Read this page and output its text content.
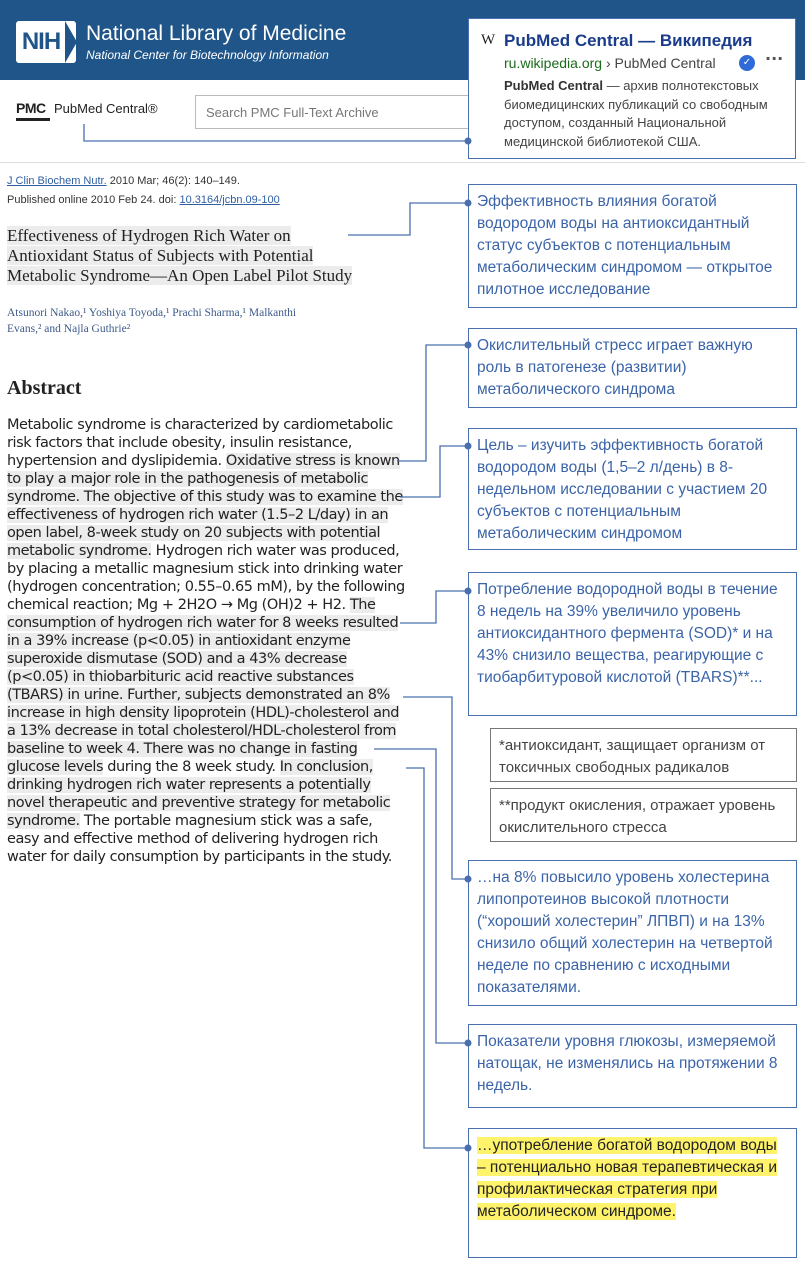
NIH National Library of Medicine
National Center for Biotechnology Information
PMC PubMed Central®
Search PMC Full-Text Archive
J Clin Biochem Nutr. 2010 Mar; 46(2): 140–149.
Published online 2010 Feb 24. doi: 10.3164/jcbn.09-100
Effectiveness of Hydrogen Rich Water on
Antioxidant Status of Subjects with Potential
Metabolic Syndrome—An Open Label Pilot Study
Atsunori Nakao,¹ Yoshiya Toyoda,¹ Prachi Sharma,¹ Malkanthi
Evans,² and Najla Guthrie²
Abstract
Metabolic syndrome is characterized by cardiometabolic risk factors that include obesity, insulin resistance, hypertension and dyslipidemia. Oxidative stress is known to play a major role in the pathogenesis of metabolic syndrome. The objective of this study was to examine the effectiveness of hydrogen rich water (1.5–2 L/day) in an open label, 8-week study on 20 subjects with potential metabolic syndrome. Hydrogen rich water was produced, by placing a metallic magnesium stick into drinking water (hydrogen concentration; 0.55–0.65 mM), by the following chemical reaction; Mg + 2H2O → Mg (OH)2 + H2. The consumption of hydrogen rich water for 8 weeks resulted in a 39% increase (p<0.05) in antioxidant enzyme superoxide dismutase (SOD) and a 43% decrease (p<0.05) in thiobarbituric acid reactive substances (TBARS) in urine. Further, subjects demonstrated an 8% increase in high density lipoprotein (HDL)-cholesterol and a 13% decrease in total cholesterol/HDL-cholesterol from baseline to week 4. There was no change in fasting glucose levels during the 8 week study. In conclusion, drinking hydrogen rich water represents a potentially novel therapeutic and preventive strategy for metabolic syndrome. The portable magnesium stick was a safe, easy and effective method of delivering hydrogen rich water for daily consumption by participants in the study.
W PubMed Central — Википедия
ru.wikipedia.org › PubMed Central	✓ ···
PubMed Central — архив полнотекстовых биомедицинских публикаций со свободным доступом, созданный Национальной медицинской библиотекой США.
Эффективность влияния богатой водородом воды на антиоксидантный статус субъектов с потенциальным метаболическим синдромом — открытое пилотное исследование
Окислительный стресс играет важную роль в патогенезе (развитии) метаболического синдрома
Цель – изучить эффективность богатой водородом воды (1,5–2 л/день) в 8-недельном исследовании с участием 20 субъектов с потенциальным метаболическим синдромом
Потребление водородной воды в течение 8 недель на 39% увеличило уровень антиоксидантного фермента (SOD)* и на 43% снизило вещества, реагирующие с тиобарбитуровой кислотой (TBARS)**...
*антиоксидант, защищает организм от токсичных свободных радикалов
**продукт окисления, отражает уровень окислительного стресса
…на 8% повысило уровень холестерина липопротеинов высокой плотности (“хороший холестерин” ЛПВП) и на 13% снизило общий холестерин на четвертой неделе по сравнению с исходными показателями.
Показатели уровня глюкозы, измеряемой натощак, не изменялись на протяжении 8 недель.
…употребление богатой водородом воды – потенциально новая терапевтическая и профилактическая стратегия при метаболическом синдроме.
